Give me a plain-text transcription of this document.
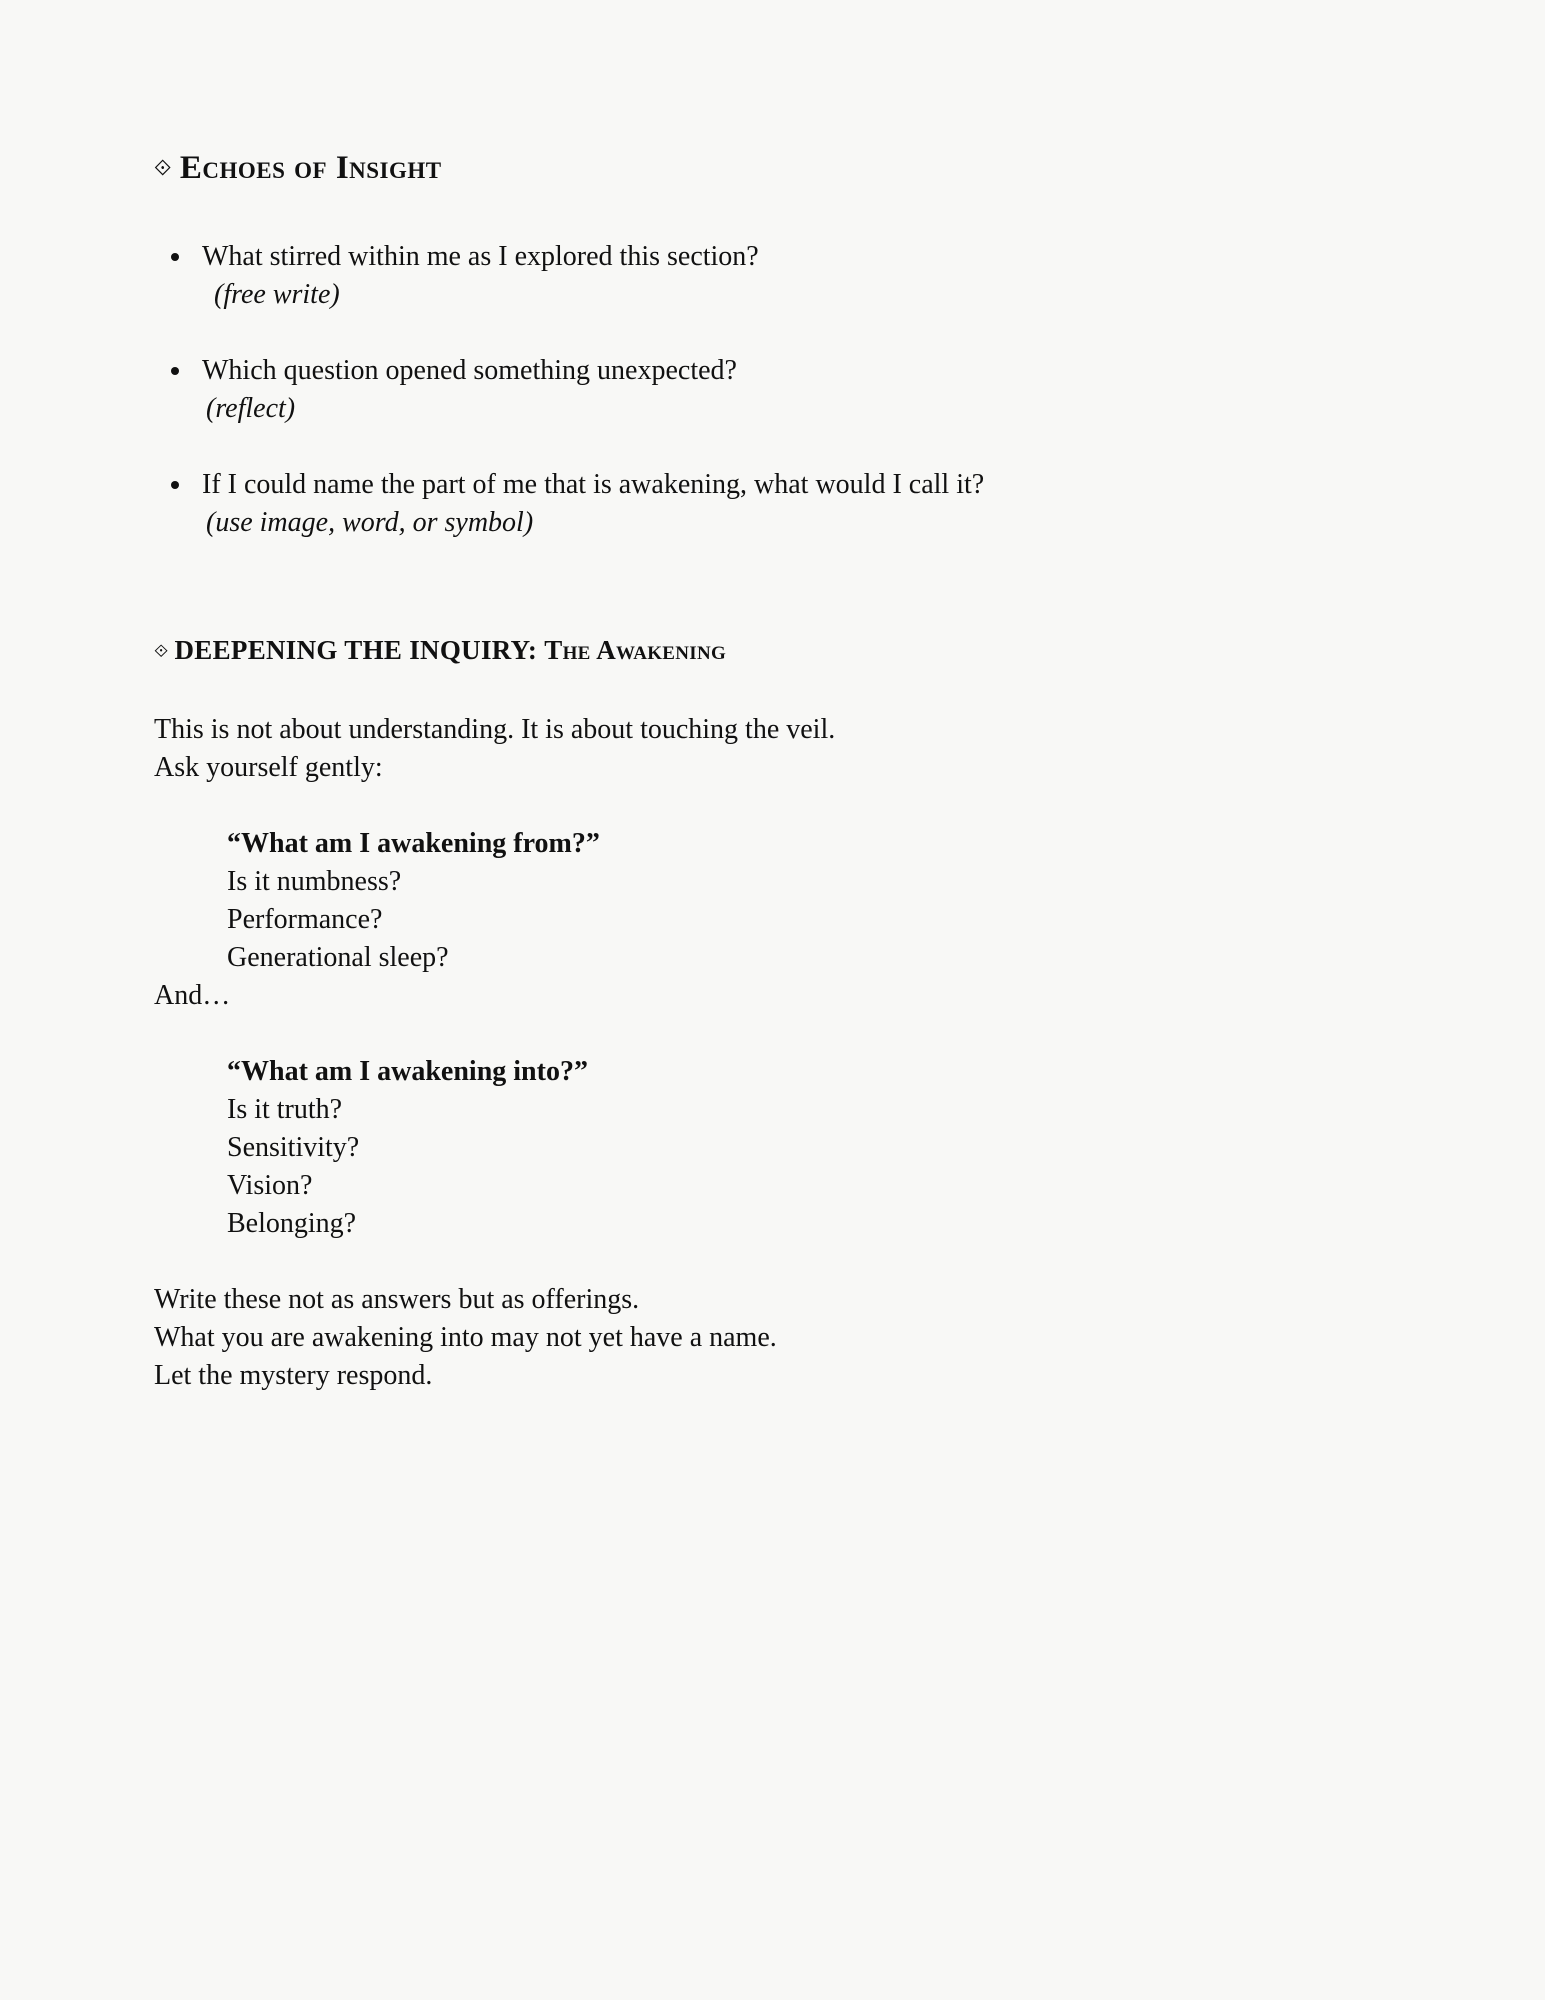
⟐ Echoes of Insight
What stirred within me as I explored this section?
(free write)
Which question opened something unexpected?
(reflect)
If I could name the part of me that is awakening, what would I call it?
(use image, word, or symbol)
⟐ DEEPENING THE INQUIRY: The Awakening
This is not about understanding. It is about touching the veil.
Ask yourself gently:
“What am I awakening from?”
Is it numbness?
Performance?
Generational sleep?
And…
“What am I awakening into?”
Is it truth?
Sensitivity?
Vision?
Belonging?
Write these not as answers but as offerings.
What you are awakening into may not yet have a name.
Let the mystery respond.
